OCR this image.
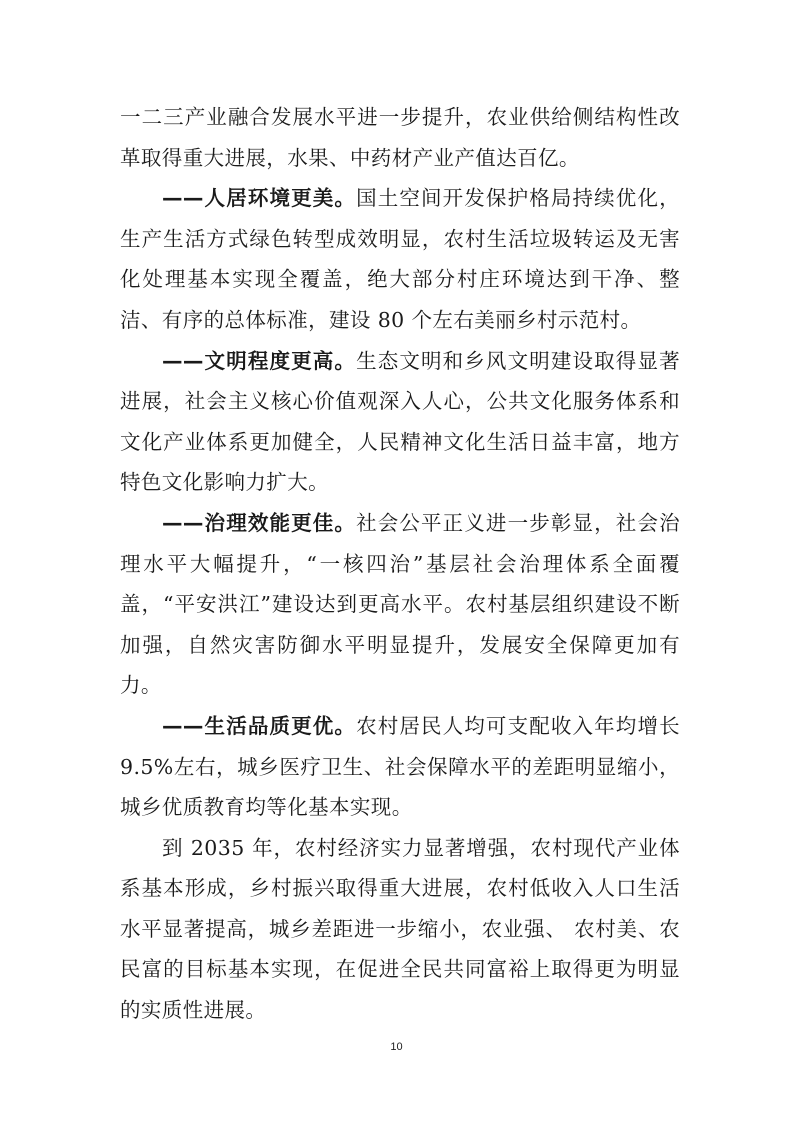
一二三产业融合发展水平进一步提升，农业供给侧结构性改革取得重大进展，水果、中药材产业产值达百亿。

——人居环境更美。国土空间开发保护格局持续优化，生产生活方式绿色转型成效明显，农村生活垃圾转运及无害化处理基本实现全覆盖，绝大部分村庄环境达到干净、整洁、有序的总体标准，建设 80 个左右美丽乡村示范村。

——文明程度更高。生态文明和乡风文明建设取得显著进展，社会主义核心价值观深入人心，公共文化服务体系和文化产业体系更加健全，人民精神文化生活日益丰富，地方特色文化影响力扩大。

——治理效能更佳。社会公平正义进一步彰显，社会治理水平大幅提升，“一核四治”基层社会治理体系全面覆盖，“平安洪江”建设达到更高水平。农村基层组织建设不断加强，自然灾害防御水平明显提升，发展安全保障更加有力。

——生活品质更优。农村居民人均可支配收入年均增长9.5%左右，城乡医疗卫生、社会保障水平的差距明显缩小，城乡优质教育均等化基本实现。

到 2035 年，农村经济实力显著增强，农村现代产业体系基本形成，乡村振兴取得重大进展，农村低收入人口生活水平显著提高，城乡差距进一步缩小，农业强、 农村美、农民富的目标基本实现，在促进全民共同富裕上取得更为明显的实质性进展。

10
